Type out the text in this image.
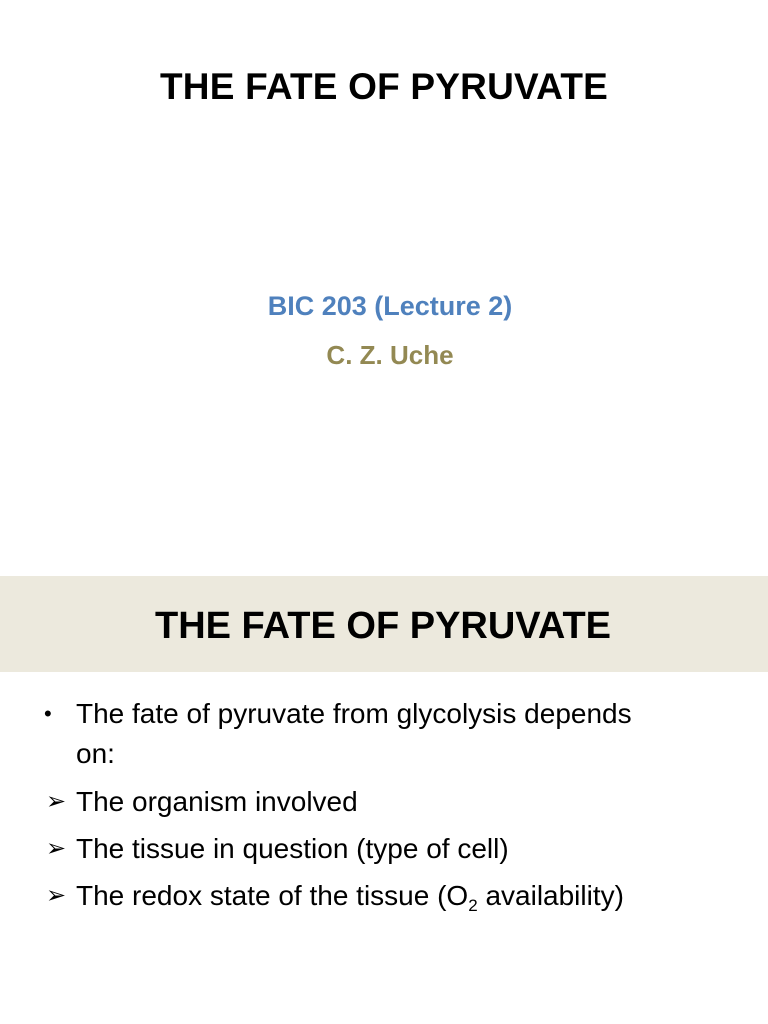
THE FATE OF PYRUVATE
BIC 203 (Lecture 2)
C. Z. Uche
THE FATE OF PYRUVATE
• The fate of pyruvate from glycolysis depends
on:
➢ The organism involved
➢ The tissue in question (type of cell)
➢ The redox state of the tissue ($O_2$ availability)
